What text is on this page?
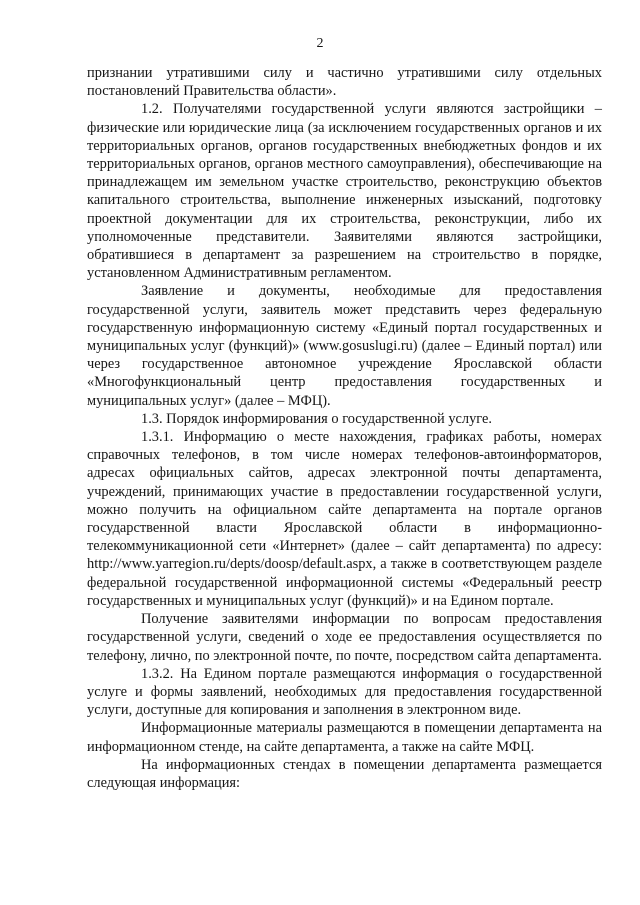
2

признании утратившими силу и частично утратившими силу отдельных постановлений Правительства области».

1.2. Получателями государственной услуги являются застройщики – физические или юридические лица (за исключением государственных органов и их территориальных органов, органов государственных внебюджетных фондов и их территориальных органов, органов местного самоуправления), обеспечивающие на принадлежащем им земельном участке строительство, реконструкцию объектов капитального строительства, выполнение инженерных изысканий, подготовку проектной документации для их строительства, реконструкции, либо их уполномоченные представители. Заявителями являются застройщики, обратившиеся в департамент за разрешением на строительство в порядке, установленном Административным регламентом.

Заявление и документы, необходимые для предоставления государственной услуги, заявитель может представить через федеральную государственную информационную систему «Единый портал государственных и муниципальных услуг (функций)» (www.gosuslugi.ru) (далее – Единый портал) или через государственное автономное учреждение Ярославской области «Многофункциональный центр предоставления государственных и муниципальных услуг» (далее – МФЦ).

1.3. Порядок информирования о государственной услуге.

1.3.1. Информацию о месте нахождения, графиках работы, номерах справочных телефонов, в том числе номерах телефонов-автоинформаторов, адресах официальных сайтов, адресах электронной почты департамента, учреждений, принимающих участие в предоставлении государственной услуги, можно получить на официальном сайте департамента на портале органов государственной власти Ярославской области в информационно-телекоммуникационной сети «Интернет» (далее – сайт департамента) по адресу: http://www.yarregion.ru/depts/doosp/default.aspx, а также в соответствующем разделе федеральной государственной информационной системы «Федеральный реестр государственных и муниципальных услуг (функций)» и на Едином портале.

Получение заявителями информации по вопросам предоставления государственной услуги, сведений о ходе ее предоставления осуществляется по телефону, лично, по электронной почте, по почте, посредством сайта департамента.

1.3.2. На Едином портале размещаются информация о государственной услуге и формы заявлений, необходимых для предоставления государственной услуги, доступные для копирования и заполнения в электронном виде.

Информационные материалы размещаются в помещении департамента на информационном стенде, на сайте департамента, а также на сайте МФЦ.

На информационных стендах в помещении департамента размещается следующая информация:
